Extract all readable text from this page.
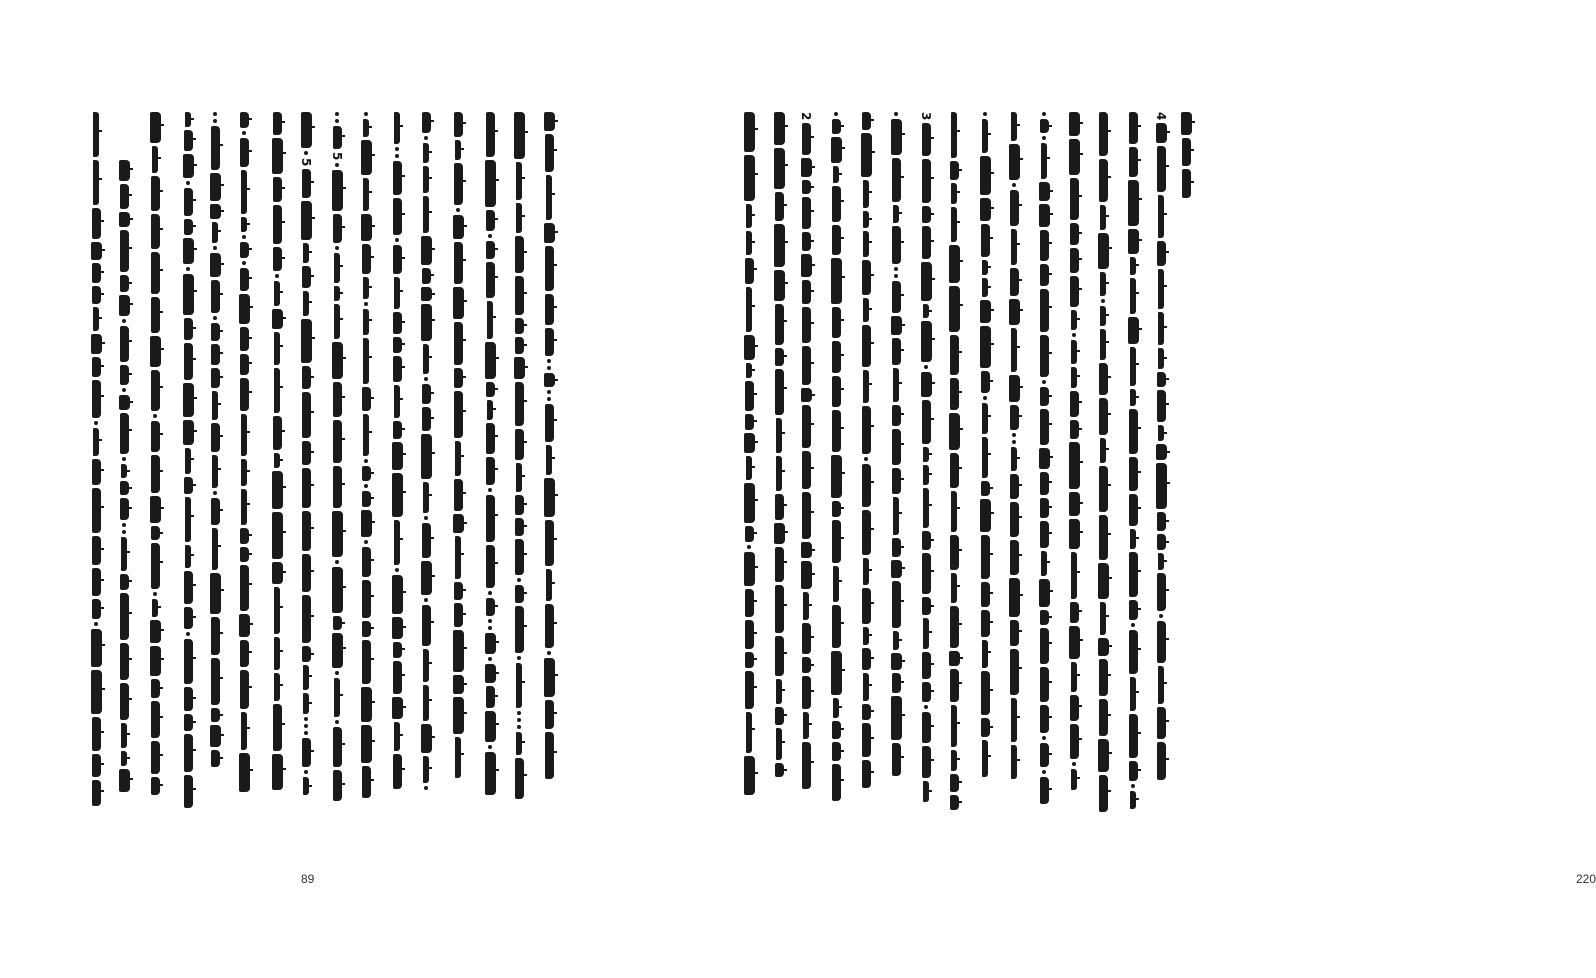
5
5
89
2	3	4
220
